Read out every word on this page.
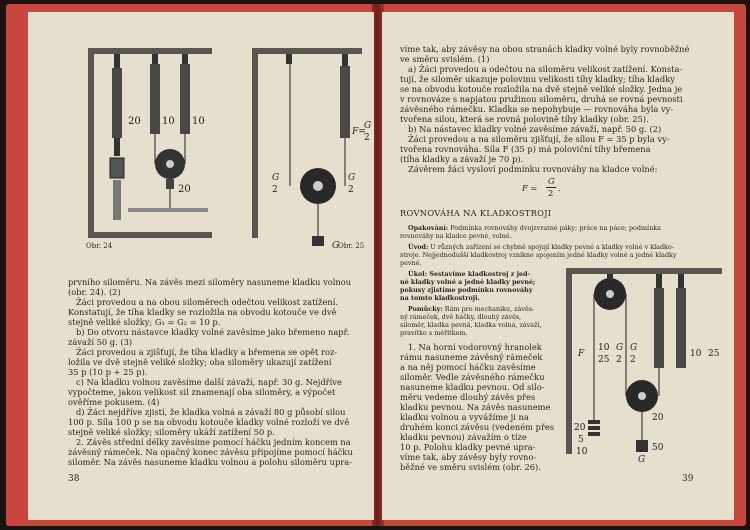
20 10 10
20
Obr. 24
F=
G
2
G
2
G
2
G
Obr. 25

prvního siloměru. Na závěs mezi siloměry nasuneme kladku volnou

(obr. 24). (2)

Žáci provedou a na obou siloměrech odečtou velikost zatížení.

Konstatují, že tíha kladky se rozložila na obvodu kotouče ve dvě

stejně veliké složky; G₁ = G₂ = 10 p.

b) Do otvoru nástavce kladky volné zavěsíme jako břemeno např.

závaží 50 g. (3)

Žáci provedou a zjišťují, že tíha kladky a břemena se opět roz-

ložila ve dvě stejně veliké složky; oba siloměry ukazují zatížení

35 p (10 p + 25 p).

c) Na kladku volnou zavěsíme další závaží, např. 30 g. Nejdříve

vypočteme, jakou velikost sil znamenají oba siloměry, a výpočet

ověříme pokusem. (4)

d) Žáci nejdříve zjistí, že kladka volná a závaží 80 g působí silou

100 p. Síla 100 p se na obvodu kotouče kladky volné rozloží ve dvě

stejně veliké složky; siloměry ukáží zatížení 50 p.

2. Závěs střední délky zavěsíme pomocí háčku jedním koncem na

závěsný rámeček. Na opačný konec závěsu připojíme pomocí háčku

siloměr. Na závěs nasuneme kladku volnou a polohu siloměru upra-

38

víme tak, aby závěsy na obou stranách kladky volné byly rovnoběžné

ve směru svislém. (1)

a) Žáci provedou a odečtou na siloměru velikost zatížení. Konsta-

tují, že siloměr ukazuje polovinu velikosti tíhy kladky; tíha kladky

se na obvodu kotouče rozložila na dvě stejně veliké složky. Jedna je

v rovnováze s napjatou pružinou siloměru, druhá se rovná pevnosti

závěsného rámečku. Kladka se nepohybuje — rovnováha byla vy-

tvořena silou, která se rovná polovině tíhy kladky (obr. 25).

b) Na nástavec kladky volné zavěsíme závaží, např. 50 g. (2)

Žáci provedou a na siloměru zjišťují, že sílou F = 35 p byla vy-

tvořena rovnováha. Síla F (35 p) má poloviční tíhy břemena

(tíha kladky a závaží je 70 p).

Závěrem žáci vysloví podmínku rovnováhy na kladce volné:

F =
G
2 .

ROVNOVÁHA NA KLADKOSTROJI

Opakování: Podmínka rovnováhy dvojzvratné páky; práce na páce; podmínka

rovnováhy na kladce pevné, volné.

Úvod: U různých zařízení se chybně spojují kladky pevné a kladky volné v kladko-

stroje. Nejjednodušší kladkostroj vznikne spojením jedné kladky volné a jedné kladky

pevné.

Úkol: Sestavíme kladkostroj z jed-

né kladky volné a jedné kladky pevné;

pokusy zjistíme podmínku rovnováhy

na tomto kladkostroji.

Pomůcky: Rám pro mechaniku, závěs-

ný rámeček, dvě háčky, dlouhý závěs,

siloměr, kladka pevná, kladka volná, závaží,

pravítko s měřítkem.

1. Na horní vodorovný hranolek

rámu nasuneme závěsný rámeček

a na něj pomocí háčku zavěsíme

siloměr. Vedle závěsného rámečku

nasuneme kladku pevnou. Od silo-

měru vedeme dlouhý závěs přes

kladku pevnou. Na závěs nasuneme

kladku volnou a vyvážíme ji na

druhém konci závěsu (vedeném přes

kladku pevnou) závažím o tíze

10 p. Polohu kladky pevné upra-

víme tak, aby závěsy byly rovno-

běžné ve směru svislém (obr. 26).

F
10
25
G
2
G
2
10 25
20
50
20
G
5
10
39
